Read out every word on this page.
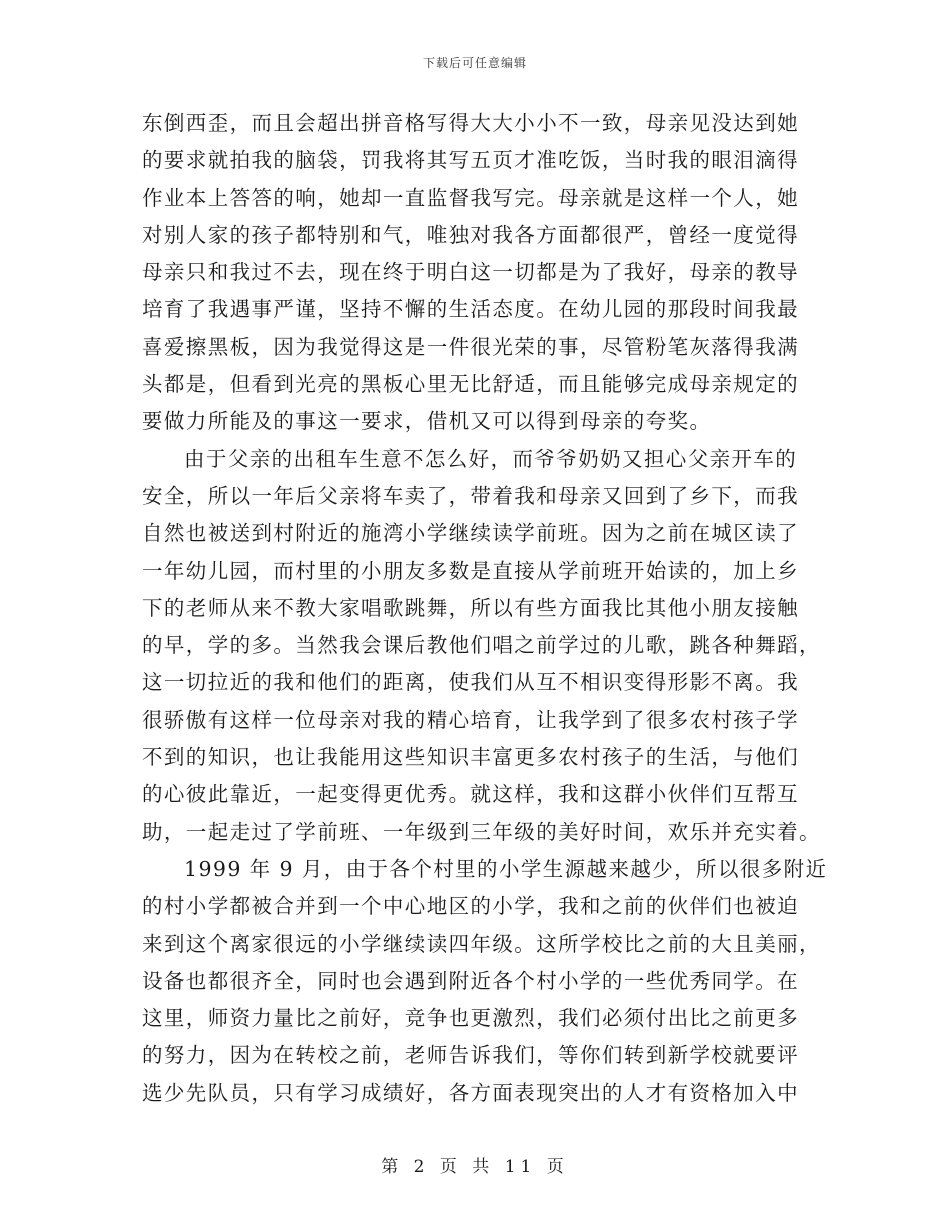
下载后可任意编辑
东倒西歪，而且会超出拼音格写得大大小小不一致，母亲见没达到她
的要求就拍我的脑袋，罚我将其写五页才准吃饭，当时我的眼泪滴得
作业本上答答的响，她却一直监督我写完。母亲就是这样一个人，她
对别人家的孩子都特别和气，唯独对我各方面都很严，曾经一度觉得
母亲只和我过不去，现在终于明白这一切都是为了我好，母亲的教导
培育了我遇事严谨，坚持不懈的生活态度。在幼儿园的那段时间我最
喜爱擦黑板，因为我觉得这是一件很光荣的事，尽管粉笔灰落得我满
头都是，但看到光亮的黑板心里无比舒适，而且能够完成母亲规定的
要做力所能及的事这一要求，借机又可以得到母亲的夸奖。
由于父亲的出租车生意不怎么好，而爷爷奶奶又担心父亲开车的
安全，所以一年后父亲将车卖了，带着我和母亲又回到了乡下，而我
自然也被送到村附近的施湾小学继续读学前班。因为之前在城区读了
一年幼儿园，而村里的小朋友多数是直接从学前班开始读的，加上乡
下的老师从来不教大家唱歌跳舞，所以有些方面我比其他小朋友接触
的早，学的多。当然我会课后教他们唱之前学过的儿歌，跳各种舞蹈，
这一切拉近的我和他们的距离，使我们从互不相识变得形影不离。我
很骄傲有这样一位母亲对我的精心培育，让我学到了很多农村孩子学
不到的知识，也让我能用这些知识丰富更多农村孩子的生活，与他们
的心彼此靠近，一起变得更优秀。就这样，我和这群小伙伴们互帮互
助，一起走过了学前班、一年级到三年级的美好时间，欢乐并充实着。
1999 年 9 月，由于各个村里的小学生源越来越少，所以很多附近
的村小学都被合并到一个中心地区的小学，我和之前的伙伴们也被迫
来到这个离家很远的小学继续读四年级。这所学校比之前的大且美丽，
设备也都很齐全，同时也会遇到附近各个村小学的一些优秀同学。在
这里，师资力量比之前好，竞争也更激烈，我们必须付出比之前更多
的努力，因为在转校之前，老师告诉我们，等你们转到新学校就要评
选少先队员，只有学习成绩好，各方面表现突出的人才有资格加入中
第 2 页 共 11 页
